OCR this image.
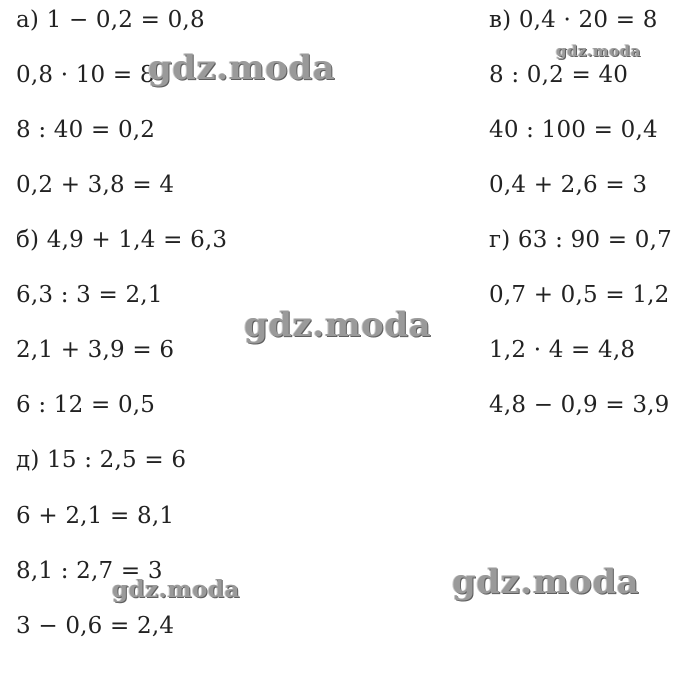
а) 1 − 0,2 = 0,8
0,8 · 10 = 8
8 : 40 = 0,2
0,2 + 3,8 = 4
б) 4,9 + 1,4 = 6,3
6,3 : 3 = 2,1
2,1 + 3,9 = 6
6 : 12 = 0,5
д) 15 : 2,5 = 6
6 + 2,1 = 8,1
8,1 : 2,7 = 3
3 − 0,6 = 2,4
в) 0,4 · 20 = 8
8 : 0,2 = 40
40 : 100 = 0,4
0,4 + 2,6 = 3
г) 63 : 90 = 0,7
0,7 + 0,5 = 1,2
1,2 · 4 = 4,8
4,8 − 0,9 = 3,9
gdz.moda	gdz.moda
gdz.moda
gdz.moda
gdz.moda
